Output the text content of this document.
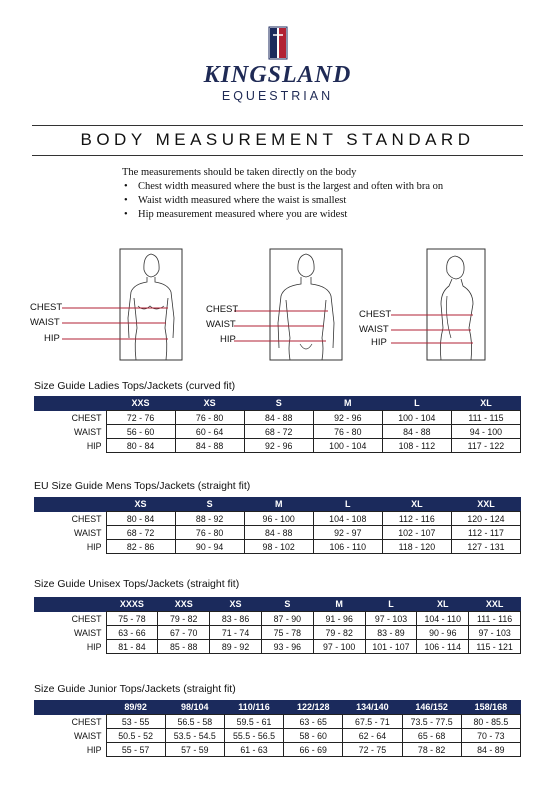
KINGSLAND
EQUESTRIAN
BODY MEASUREMENT STANDARD
The measurements should be taken directly on the body
• Chest width measured where the bust is the largest and often with bra on
• Waist width measured where the waist is smallest
• Hip measurement measured where you are widest
CHEST
WAIST
HIP
CHEST
WAIST
HIP
CHEST
WAIST
HIP
Size Guide Ladies Tops/Jackets (curved fit)
	XXS	XS	S	M	L	XL
CHEST	72 - 76	76 - 80	84 - 88	92 - 96	100 - 104	111 - 115
WAIST	56 - 60	60 - 64	68 - 72	76 - 80	84 - 88	94 - 100
HIP	80 - 84	84 - 88	92 - 96	100 - 104	108 - 112	117 - 122
EU Size Guide Mens Tops/Jackets (straight fit)
	XS	S	M	L	XL	XXL
CHEST	80 - 84	88 - 92	96 - 100	104 - 108	112 - 116	120 - 124
WAIST	68 - 72	76 - 80	84 - 88	92 - 97	102 - 107	112 - 117
HIP	82 - 86	90 - 94	98 - 102	106 - 110	118 - 120	127 - 131
Size Guide Unisex Tops/Jackets (straight fit)
	XXXS	XXS	XS	S	M	L	XL	XXL
CHEST	75 - 78	79 - 82	83 - 86	87 - 90	91 - 96	97 - 103	104 - 110	111 - 116
WAIST	63 - 66	67 - 70	71 - 74	75 - 78	79 - 82	83 - 89	90 - 96	97 - 103
HIP	81 - 84	85 - 88	89 - 92	93 - 96	97 - 100	101 - 107	106 - 114	115 - 121
Size Guide Junior Tops/Jackets (straight fit)
	89/92	98/104	110/116	122/128	134/140	146/152	158/168
CHEST	53 - 55	56.5 - 58	59.5 - 61	63 - 65	67.5 - 71	73.5 - 77.5	80 - 85.5
WAIST	50.5 - 52	53.5 - 54.5	55.5 - 56.5	58 - 60	62 - 64	65 - 68	70 - 73
HIP	55 - 57	57 - 59	61 - 63	66 - 69	72 - 75	78 - 82	84 - 89
